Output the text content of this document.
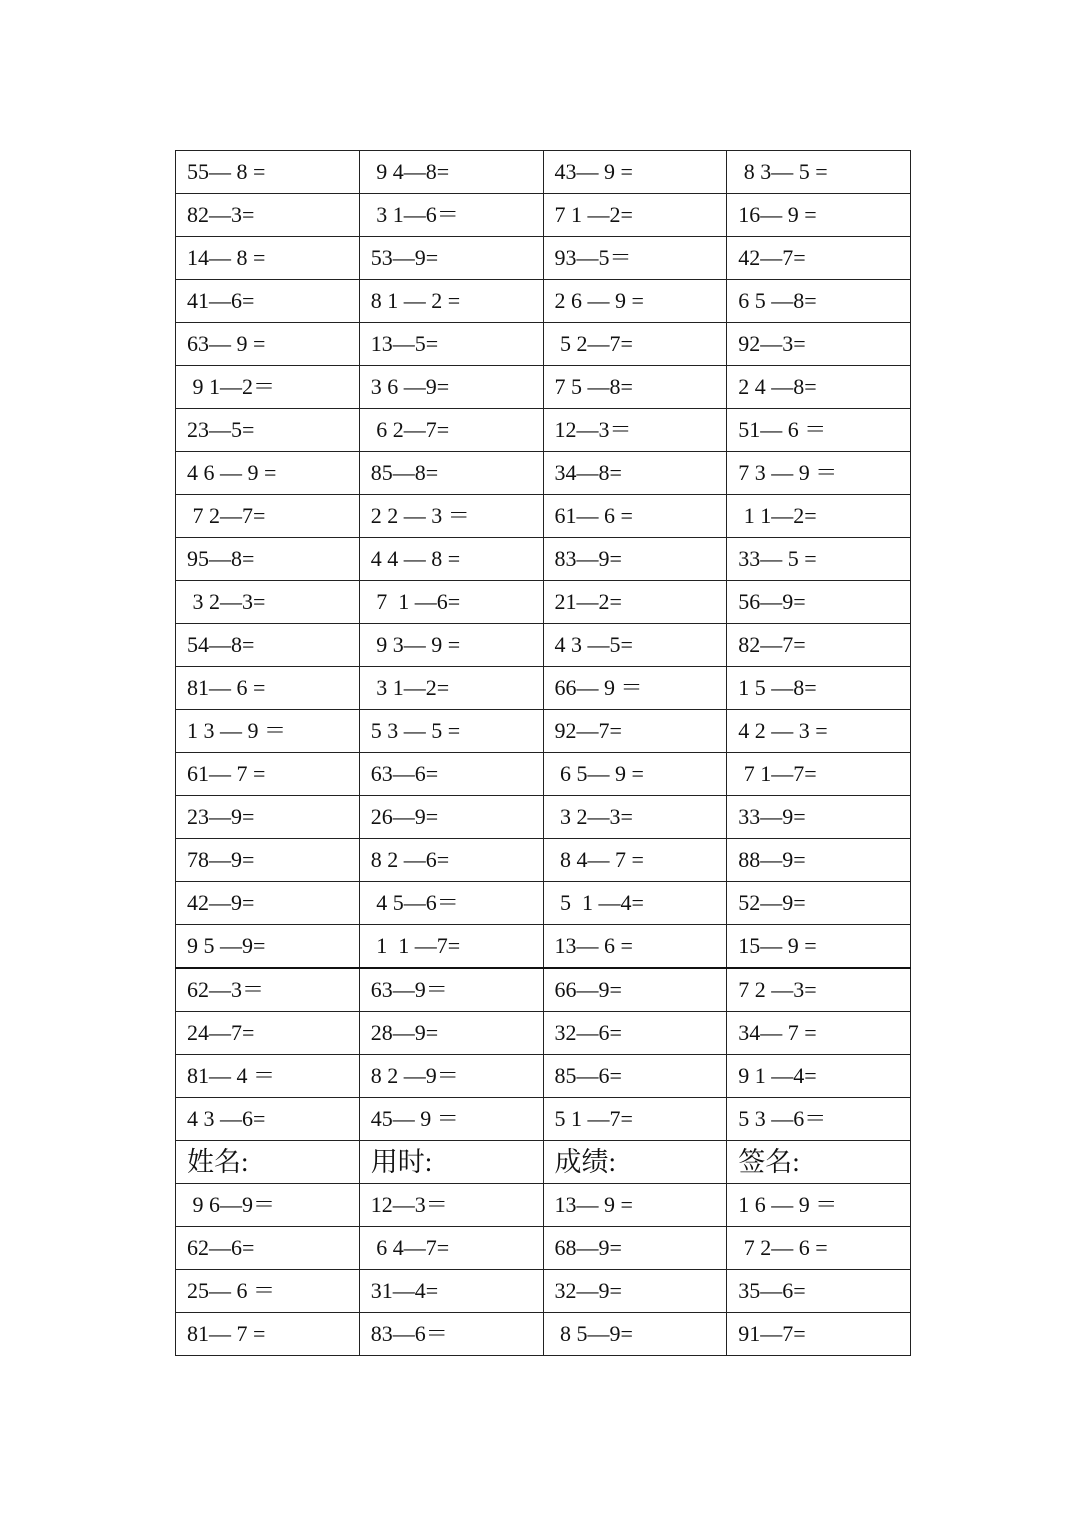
55— 8 =	9 4—8=	43— 9 =	8 3— 5 =
82—3=	3 1—6＝	7 1 —2=	16— 9 =
14— 8 =	53—9=	93—5＝	42—7=
41—6=	8 1 — 2 =	2 6 — 9 =	6 5 —8=
63— 9 =	13—5=	5 2—7=	92—3=
9 1—2＝	3 6 —9=	7 5 —8=	2 4 —8=
23—5=	6 2—7=	12—3＝	51— 6 ＝
4 6 — 9 =	85—8=	34—8=	7 3 — 9 ＝
7 2—7=	2 2 — 3 ＝	61— 6 =	1 1—2=
95—8=	4 4 — 8 =	83—9=	33— 5 =
3 2—3=	7  1 —6=	21—2=	56—9=
54—8=	9 3— 9 =	4 3 —5=	82—7=
81— 6 =	3 1—2=	66— 9 ＝	1 5 —8=
1 3 — 9 ＝	5 3 — 5 =	92—7=	4 2 — 3 =
61— 7 =	63—6=	6 5— 9 =	7 1—7=
23—9=	26—9=	3 2—3=	33—9=
78—9=	8 2 —6=	8 4— 7 =	88—9=
42—9=	4 5—6＝	5  1 —4=	52—9=
9 5 —9=	1  1 —7=	13— 6 =	15— 9 =
62—3＝	63—9＝	66—9=	7 2 —3=
24—7=	28—9=	32—6=	34— 7 =
81— 4 ＝	8 2 —9＝	85—6=	9 1 —4=
4 3 —6=	45— 9 ＝	5 1 —7=	5 3 —6＝
姓名:	用时:	成绩:	签名:
9 6—9＝	12—3＝	13— 9 =	1 6 — 9 ＝
62—6=	6 4—7=	68—9=	7 2— 6 =
25— 6 ＝	31—4=	32—9=	35—6=
81— 7 =	83—6＝	8 5—9=	91—7=
